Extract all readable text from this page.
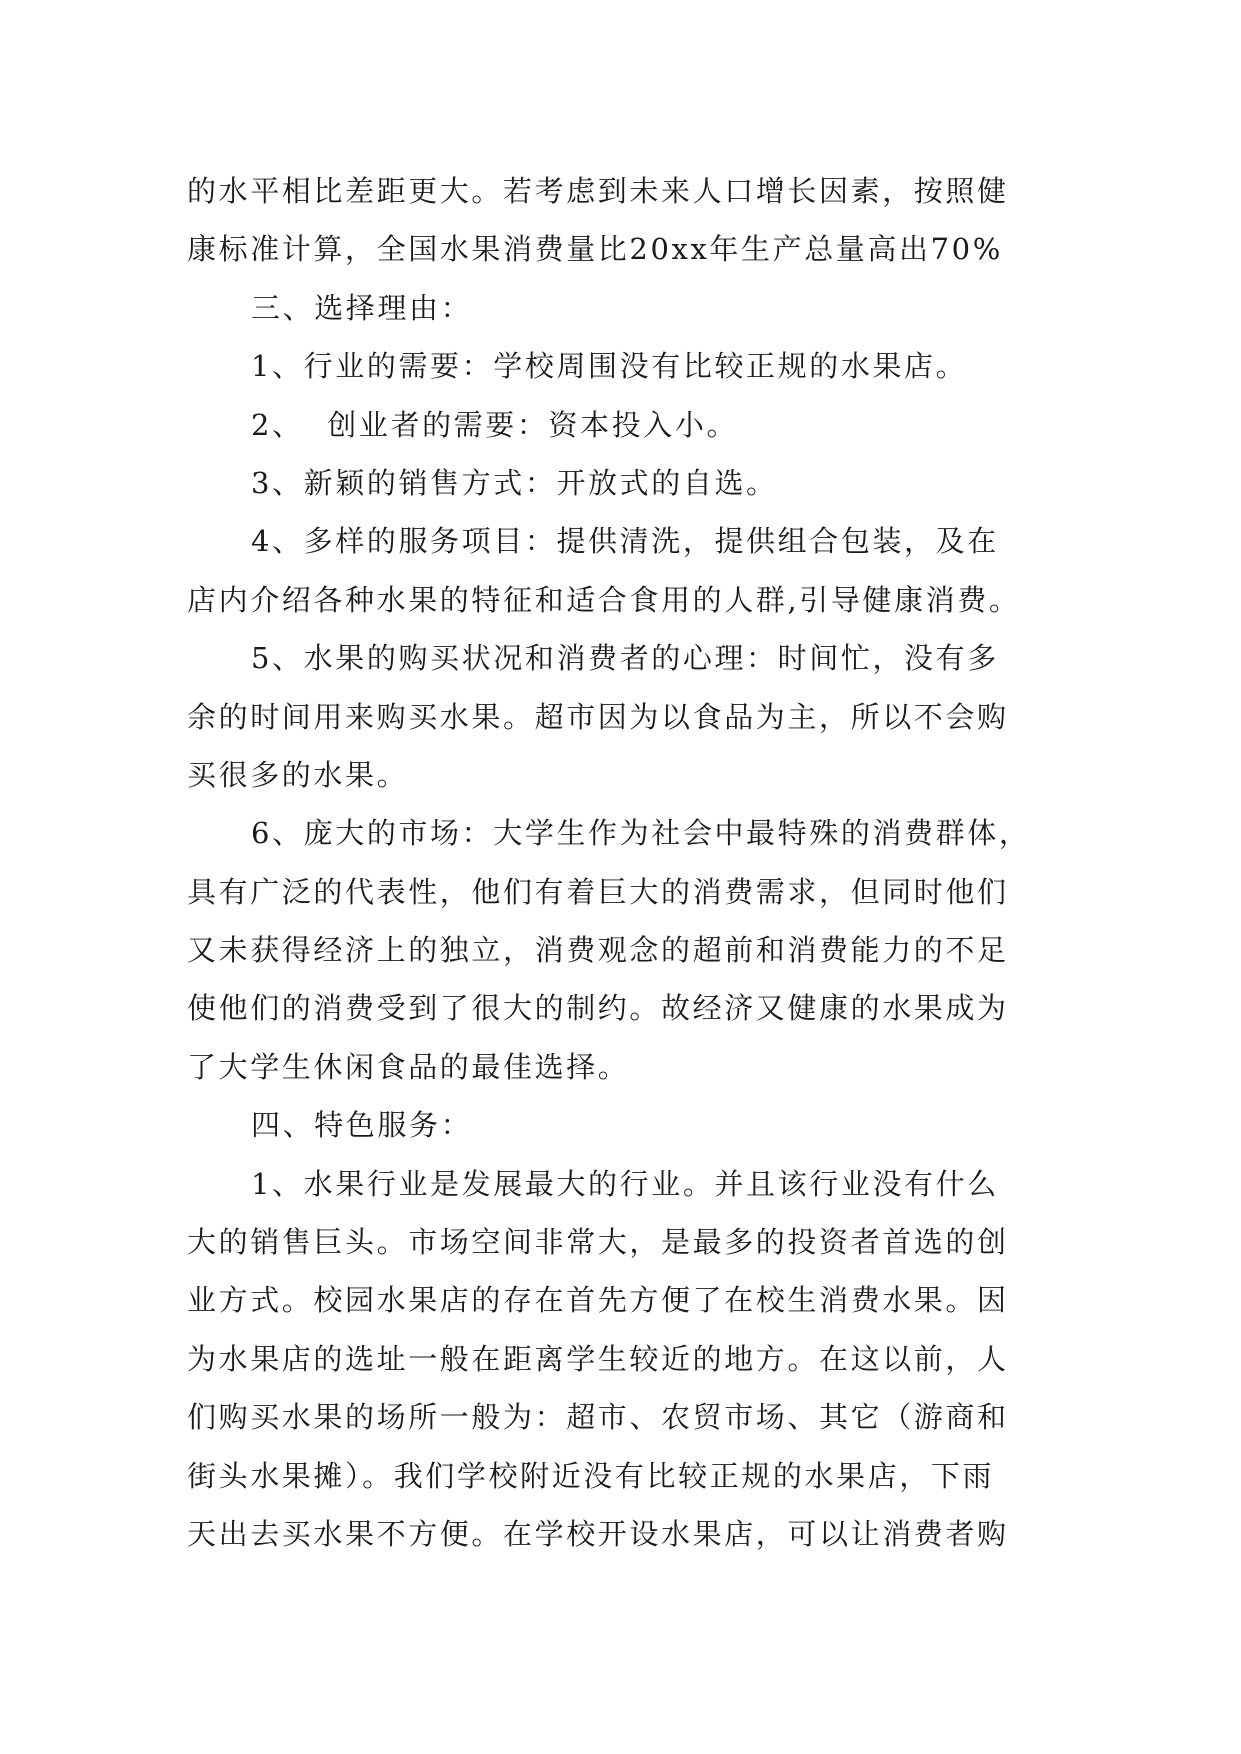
的水平相比差距更大。若考虑到未来人口增长因素，按照健
康标准计算，全国水果消费量比20xx年生产总量高出70%
三、选择理由：
1、行业的需要：学校周围没有比较正规的水果店。
2、  创业者的需要：资本投入小。
3、新颖的销售方式：开放式的自选。
4、多样的服务项目：提供清洗，提供组合包装，及在
店内介绍各种水果的特征和适合食用的人群,引导健康消费。
5、水果的购买状况和消费者的心理：时间忙，没有多
余的时间用来购买水果。超市因为以食品为主，所以不会购
买很多的水果。
6、庞大的市场：大学生作为社会中最特殊的消费群体，
具有广泛的代表性，他们有着巨大的消费需求，但同时他们
又未获得经济上的独立，消费观念的超前和消费能力的不足
使他们的消费受到了很大的制约。故经济又健康的水果成为
了大学生休闲食品的最佳选择。
四、特色服务：
1、水果行业是发展最大的行业。并且该行业没有什么
大的销售巨头。市场空间非常大，是最多的投资者首选的创
业方式。校园水果店的存在首先方便了在校生消费水果。因
为水果店的选址一般在距离学生较近的地方。在这以前，人
们购买水果的场所一般为：超市、农贸市场、其它（游商和
街头水果摊）。我们学校附近没有比较正规的水果店，下雨
天出去买水果不方便。在学校开设水果店，可以让消费者购
